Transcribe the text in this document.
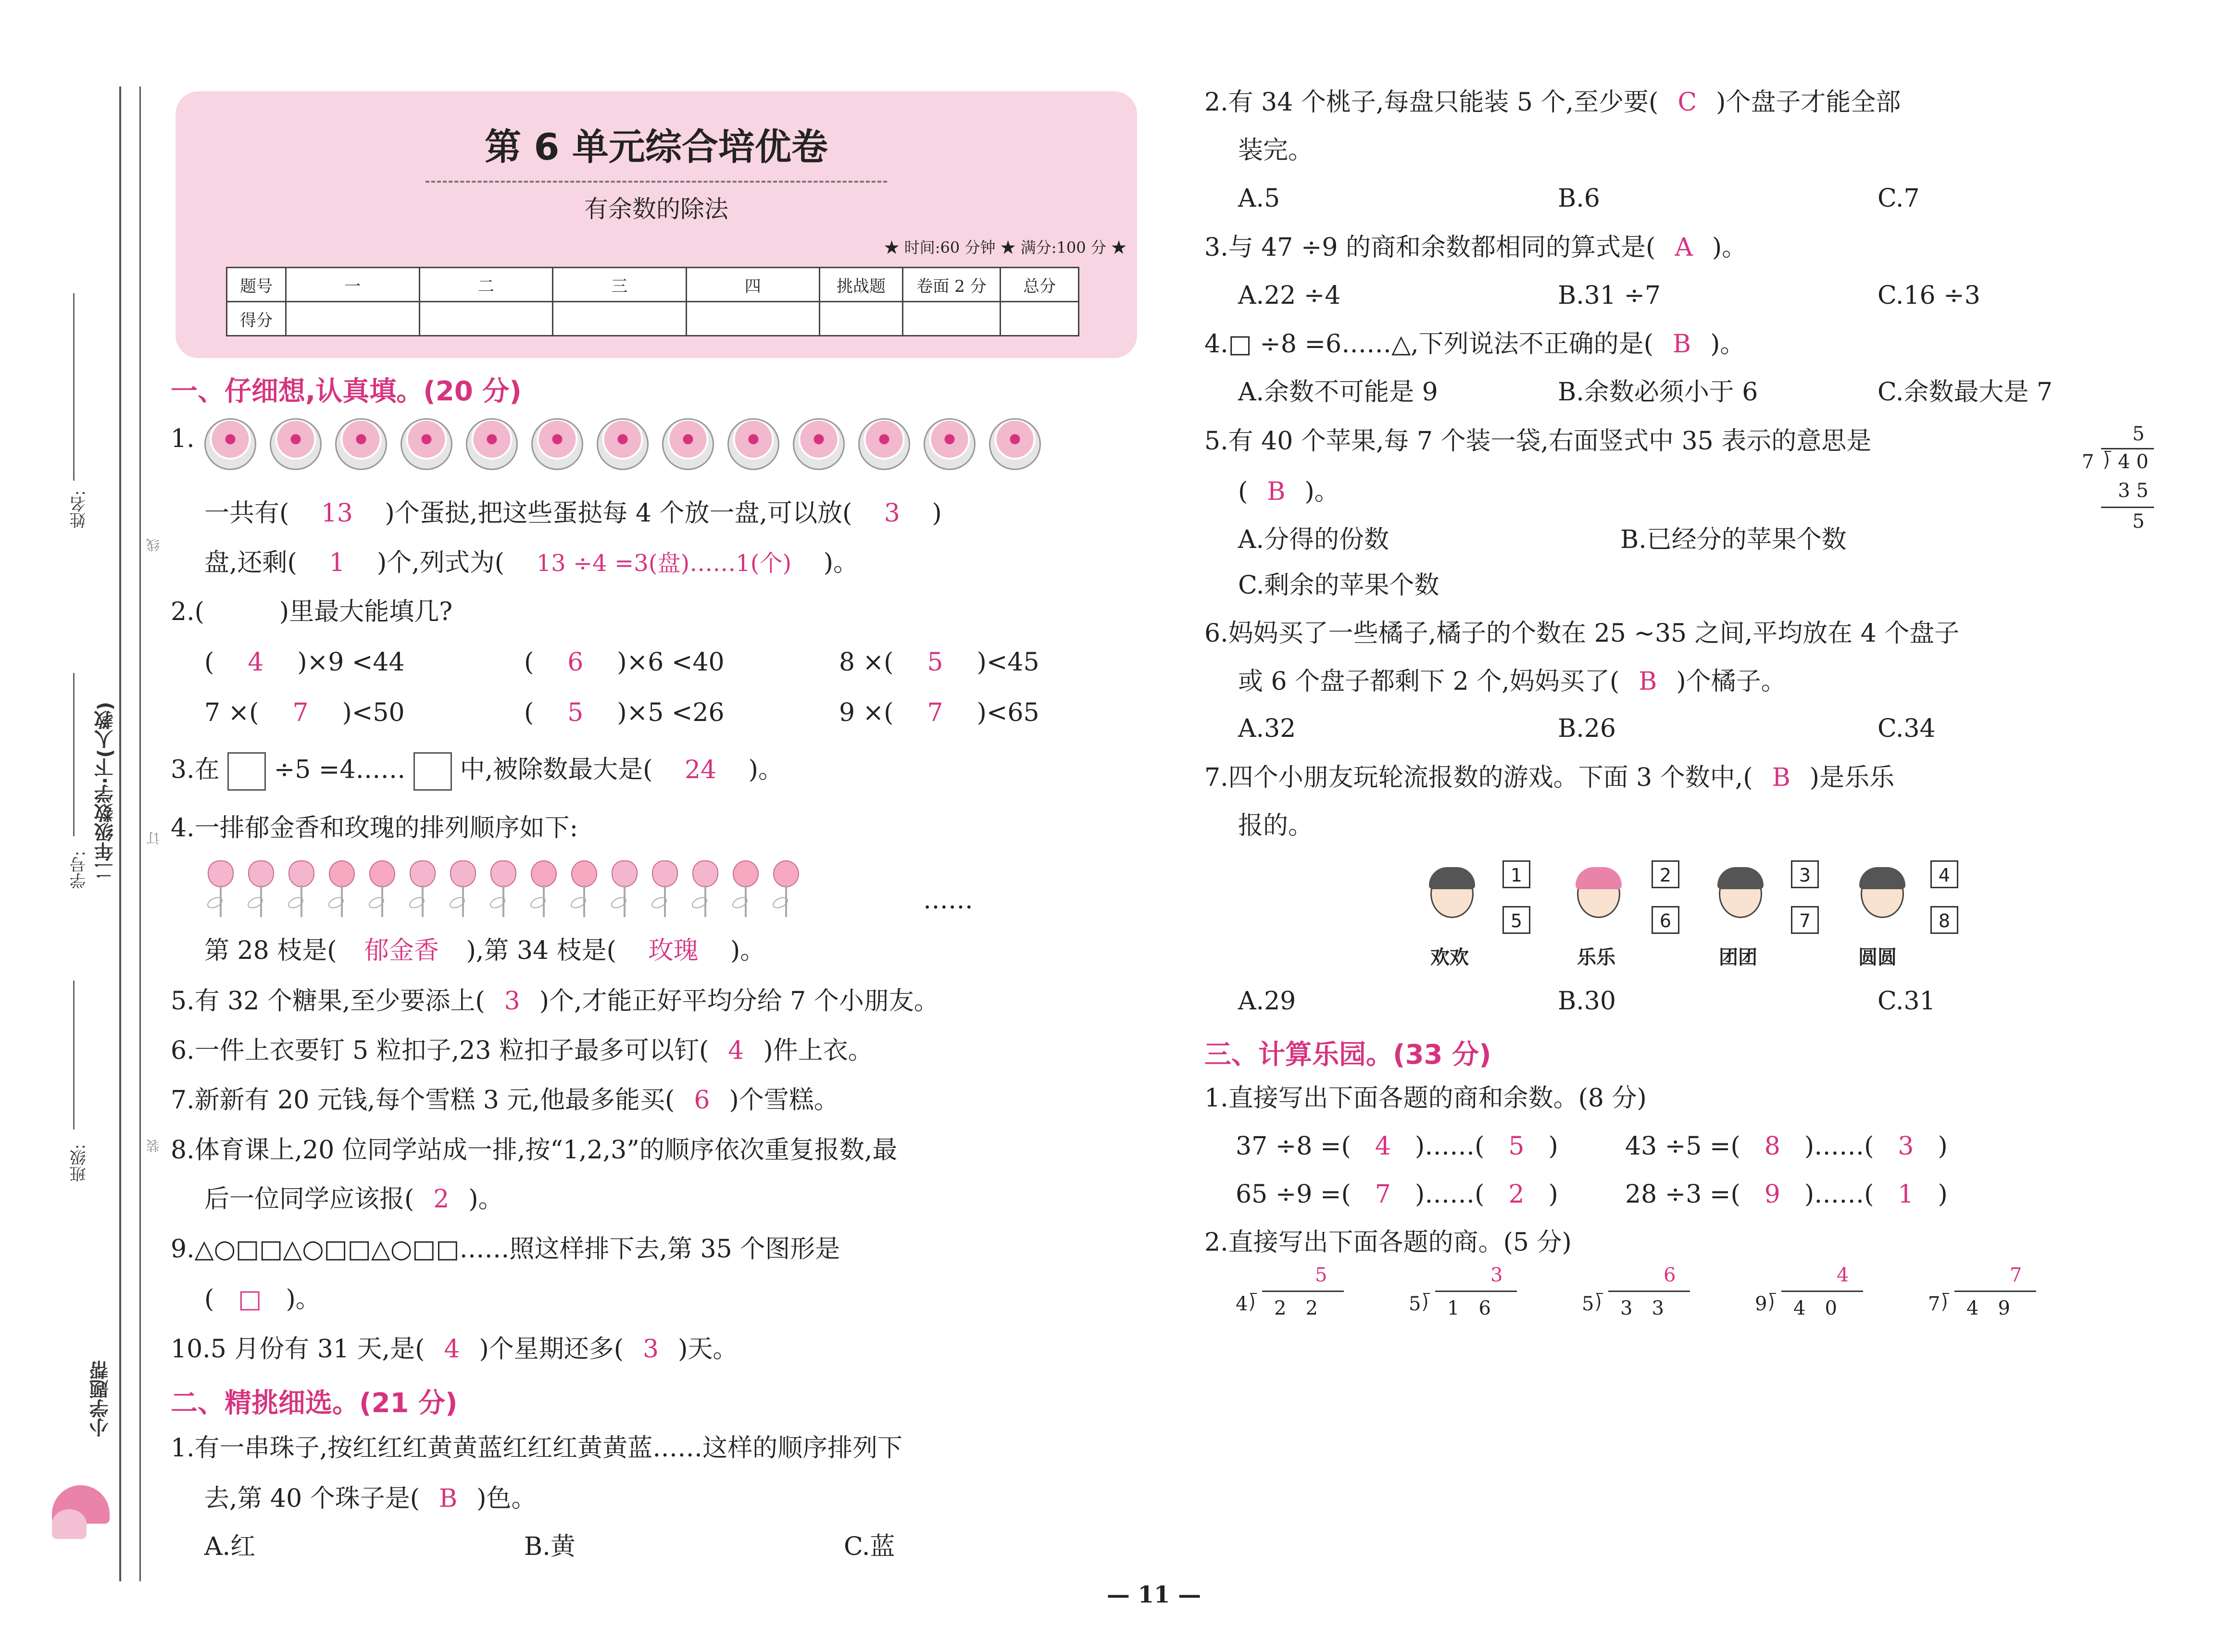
姓名:
线
订
装
学号: 二年级数学·下(人教)
班级:
小学题帮
第 6 单元综合培优卷
有余数的除法
★ 时间:60 分钟 ★ 满分:100 分 ★
题号	一	二	三	四	挑战题	卷面 2 分	总分
得分							
一、仔细想,认真填。(20 分)
1.
一共有( 13 )个蛋挞,把这些蛋挞每 4 个放一盘,可以放( 3 )
盘,还剩( 1 )个,列式为( 13 ÷4 =3(盘)……1(个) )。
2.(　　　)里最大能填几?
( 4 )×9 <44	( 6 )×6 <40	8 ×( 5 )<45
7 ×( 7 )<50	( 5 )×5 <26	9 ×( 7 )<65
3.在 ÷5 =4…… 中,被除数最大是( 24 )。
4.一排郁金香和玫瑰的排列顺序如下:
……
第 28 枝是( 郁金香 ),第 34 枝是( 玫瑰 )。
5.有 32 个糖果,至少要添上( 3 )个,才能正好平均分给 7 个小朋友。
6.一件上衣要钉 5 粒扣子,23 粒扣子最多可以钉( 4 )件上衣。
7.新新有 20 元钱,每个雪糕 3 元,他最多能买( 6 )个雪糕。
8.体育课上,20 位同学站成一排,按“1,2,3”的顺序依次重复报数,最
后一位同学应该报( 2 )。
9.△○□□△○□□△○□□……照这样排下去,第 35 个图形是
( □ )。
10.5 月份有 31 天,是( 4 )个星期还多( 3 )天。
二、精挑细选。(21 分)
1.有一串珠子,按红红红黄黄蓝红红红黄黄蓝……这样的顺序排列下
去,第 40 个珠子是( B )色。
A.红	B.黄	C.蓝
2.有 34 个桃子,每盘只能装 5 个,至少要( C )个盘子才能全部
装完。
A.5	B.6	C.7
3.与 47 ÷9 的商和余数都相同的算式是( A )。
A.22 ÷4	B.31 ÷7	C.16 ÷3
4.□ ÷8 =6……△,下列说法不正确的是( B )。
A.余数不可能是 9	B.余数必须小于 6	C.余数最大是 7
5.有 40 个苹果,每 7 个装一袋,右面竖式中 35 表示的意思是
( B )。
A.分得的份数	B.已经分的苹果个数
C.剩余的苹果个数
5
7 ⟌ 4 0
3 5
5
6.妈妈买了一些橘子,橘子的个数在 25 ~35 之间,平均放在 4 个盘子
或 6 个盘子都剩下 2 个,妈妈买了( B )个橘子。
A.32	B.26	C.34
7.四个小朋友玩轮流报数的游戏。下面 3 个数中,( B )是乐乐
报的。
1
5
欢欢
2
6
乐乐
3
7
团团
4
8
圆圆
A.29	B.30	C.31
三、计算乐园。(33 分)
1.直接写出下面各题的商和余数。(8 分)
37 ÷8 =( 4 )……( 5 )	43 ÷5 =( 8 )……( 3 )
65 ÷9 =( 7 )……( 2 )	28 ÷3 =( 9 )……( 1 )
2.直接写出下面各题的商。(5 分)
5
4 ⟌ 2　2
3
5 ⟌ 1　6
6
5 ⟌ 3　3
4
9 ⟌ 4　0
7
7 ⟌ 4　9
— 11 —
